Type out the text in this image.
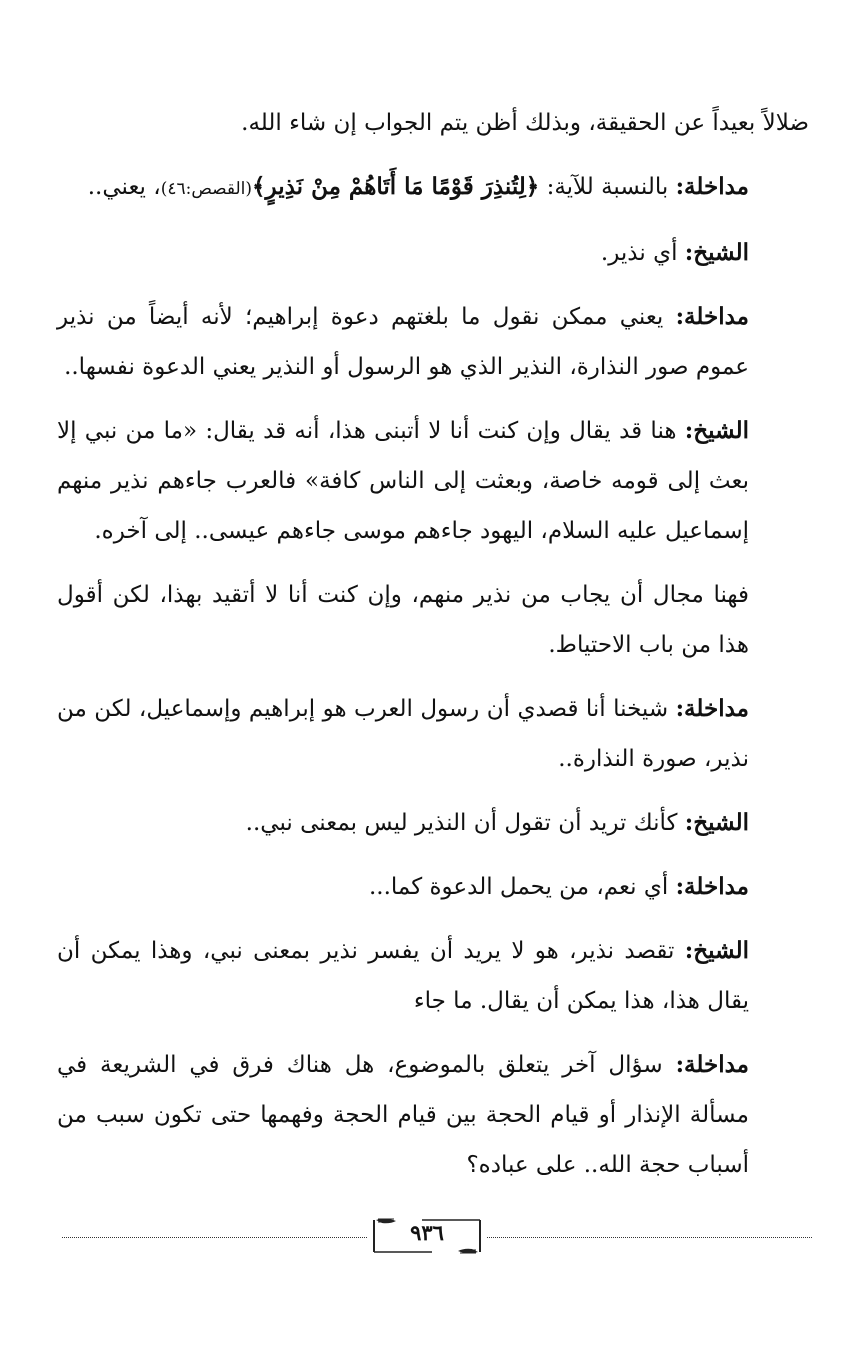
ضلالاً بعيداً عن الحقيقة، وبذلك أظن يتم الجواب إن شاء الله.

مداخلة: بالنسبة للآية: ﴿لِتُنذِرَ قَوْمًا مَا أَتَاهُمْ مِنْ نَذِيرٍ﴾(القصص:٤٦)، يعني..

الشيخ: أي نذير.

مداخلة: يعني ممكن نقول ما بلغتهم دعوة إبراهيم؛ لأنه أيضاً من نذير عموم صور النذارة، النذير الذي هو الرسول أو النذير يعني الدعوة نفسها..

الشيخ: هنا قد يقال وإن كنت أنا لا أتبنى هذا، أنه قد يقال: «ما من نبي إلا بعث إلى قومه خاصة، وبعثت إلى الناس كافة» فالعرب جاءهم نذير منهم إسماعيل عليه السلام، اليهود جاءهم موسى جاءهم عيسى.. إلى آخره.

فهنا مجال أن يجاب من نذير منهم، وإن كنت أنا لا أتقيد بهذا، لكن أقول هذا من باب الاحتياط.

مداخلة: شيخنا أنا قصدي أن رسول العرب هو إبراهيم وإسماعيل، لكن من نذير، صورة النذارة..

الشيخ: كأنك تريد أن تقول أن النذير ليس بمعنى نبي..

مداخلة: أي نعم، من يحمل الدعوة كما...

الشيخ: تقصد نذير، هو لا يريد أن يفسر نذير بمعنى نبي، وهذا يمكن أن يقال هذا، هذا يمكن أن يقال. ما جاء

مداخلة: سؤال آخر يتعلق بالموضوع، هل هناك فرق في الشريعة في مسألة الإنذار أو قيام الحجة بين قيام الحجة وفهمها حتى تكون سبب من أسباب حجة الله.. على عباده؟

٩٣٦
